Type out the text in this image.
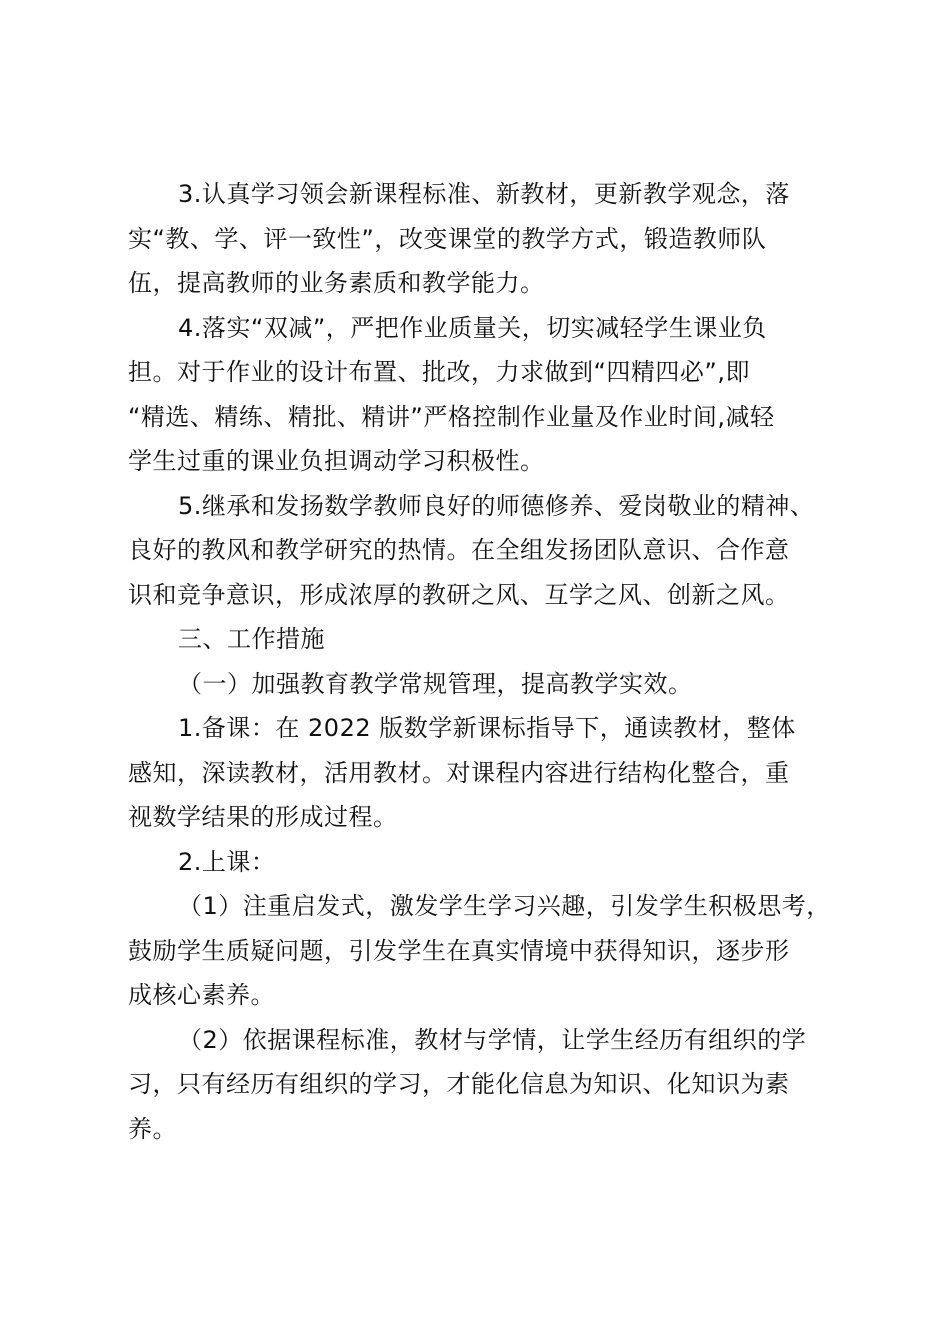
3.认真学习领会新课程标准、新教材，更新教学观念，落
实“教、学、评一致性”，改变课堂的教学方式，锻造教师队
伍，提高教师的业务素质和教学能力。
4.落实“双减”，严把作业质量关，切实减轻学生课业负
担。对于作业的设计布置、批改，力求做到“四精四必”,即
“精选、精练、精批、精讲”严格控制作业量及作业时间,减轻
学生过重的课业负担调动学习积极性。
5.继承和发扬数学教师良好的师德修养、爱岗敬业的精神、
良好的教风和教学研究的热情。在全组发扬团队意识、合作意
识和竞争意识，形成浓厚的教研之风、互学之风、创新之风。
三、工作措施
（一）加强教育教学常规管理，提高教学实效。
1.备课：在 2022 版数学新课标指导下，通读教材，整体
感知，深读教材，活用教材。对课程内容进行结构化整合，重
视数学结果的形成过程。
2.上课：
（1）注重启发式，激发学生学习兴趣，引发学生积极思考，
鼓励学生质疑问题，引发学生在真实情境中获得知识，逐步形
成核心素养。
（2）依据课程标准，教材与学情，让学生经历有组织的学
习，只有经历有组织的学习，才能化信息为知识、化知识为素
养。
